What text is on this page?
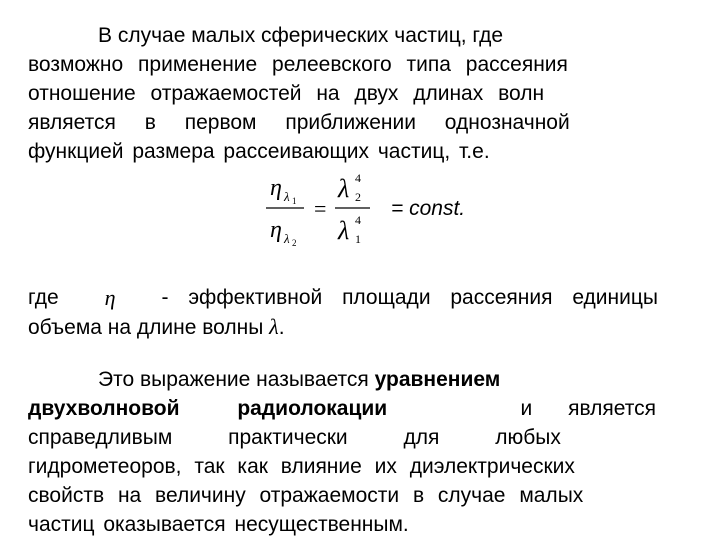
В случае малых сферических частиц, где
возможно применение релеевского типа рассеяния
отношение отражаемостей на двух длинах волн
является в первом приближении однозначной
функцией размера рассеивающих частиц, т.е.
η λ 1
η λ 2
λ 4
2
λ 4
1
=	= const.
где η - эффективной площади рассеяния единицы
объема на длине волны λ.
Это выражение называется уравнением
двухволновой радиолокации	и является
справедливым практически для любых
гидрометеоров, так как влияние их диэлектрических
свойств на величину отражаемости в случае малых
частиц оказывается несущественным.
